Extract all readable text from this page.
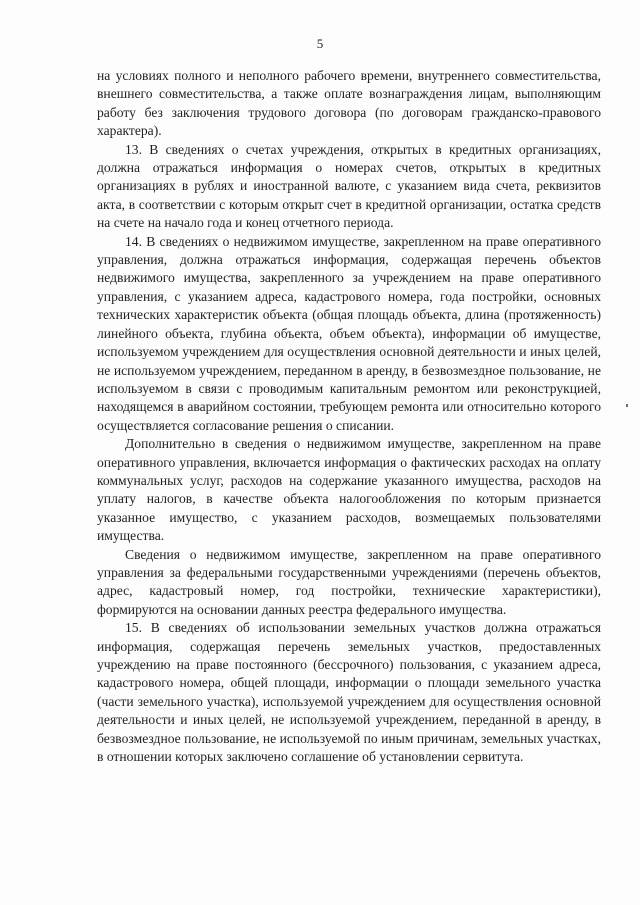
5

на условиях полного и неполного рабочего времени, внутреннего совместительства, внешнего совместительства, а также оплате вознаграждения лицам, выполняющим работу без заключения трудового договора (по договорам гражданско-правового характера).

13. В сведениях о счетах учреждения, открытых в кредитных организациях, должна отражаться информация о номерах счетов, открытых в кредитных организациях в рублях и иностранной валюте, с указанием вида счета, реквизитов акта, в соответствии с которым открыт счет в кредитной организации, остатка средств на счете на начало года и конец отчетного периода.

14. В сведениях о недвижимом имуществе, закрепленном на праве оперативного управления, должна отражаться информация, содержащая перечень объектов недвижимого имущества, закрепленного за учреждением на праве оперативного управления, с указанием адреса, кадастрового номера, года постройки, основных технических характеристик объекта (общая площадь объекта, длина (протяженность) линейного объекта, глубина объекта, объем объекта), информации об имуществе, используемом учреждением для осуществления основной деятельности и иных целей, не используемом учреждением, переданном в аренду, в безвозмездное пользование, не используемом в связи с проводимым капитальным ремонтом или реконструкцией, находящемся в аварийном состоянии, требующем ремонта или относительно которого осуществляется согласование решения о списании.

Дополнительно в сведения о недвижимом имуществе, закрепленном на праве оперативного управления, включается информация о фактических расходах на оплату коммунальных услуг, расходов на содержание указанного имущества, расходов на уплату налогов, в качестве объекта налогообложения по которым признается указанное имущество, с указанием расходов, возмещаемых пользователями имущества.

Сведения о недвижимом имуществе, закрепленном на праве оперативного управления за федеральными государственными учреждениями (перечень объектов, адрес, кадастровый номер, год постройки, технические характеристики), формируются на основании данных реестра федерального имущества.

15. В сведениях об использовании земельных участков должна отражаться информация, содержащая перечень земельных участков, предоставленных учреждению на праве постоянного (бессрочного) пользования, с указанием адреса, кадастрового номера, общей площади, информации о площади земельного участка (части земельного участка), используемой учреждением для осуществления основной деятельности и иных целей, не используемой учреждением, переданной в аренду, в безвозмездное пользование, не используемой по иным причинам, земельных участках, в отношении которых заключено соглашение об установлении сервитута.
